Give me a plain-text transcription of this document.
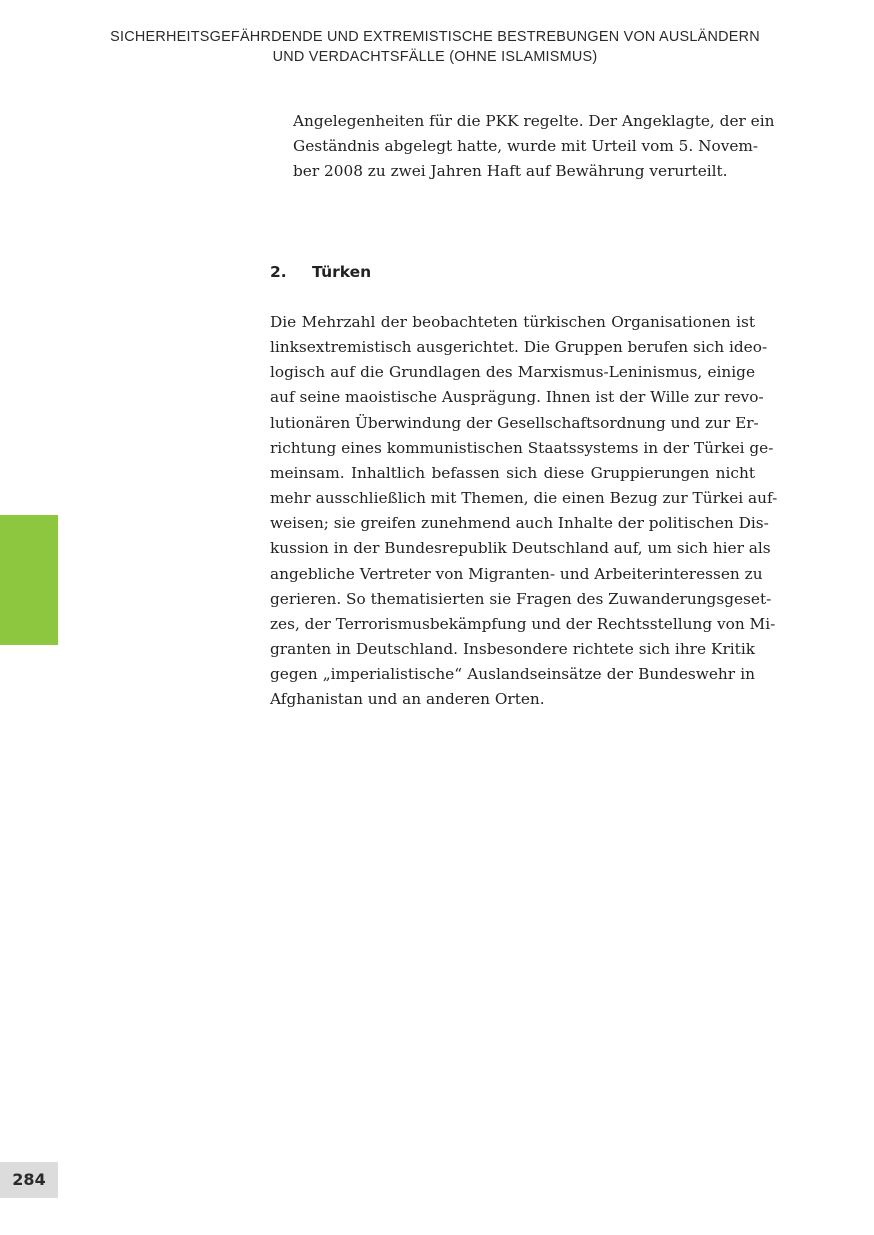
SICHERHEITSGEFÄHRDENDE UND EXTREMISTISCHE BESTREBUNGEN VON AUSLÄNDERN
UND VERDACHTSFÄLLE (OHNE ISLAMISMUS)

Angelegenheiten für die PKK regelte. Der Angeklagte, der ein
Geständnis abgelegt hatte, wurde mit Urteil vom 5. Novem-
ber 2008 zu zwei Jahren Haft auf Bewährung verurteilt.

2. Türken

Die Mehrzahl der beobachteten türkischen Organisationen ist
linksextremistisch ausgerichtet. Die Gruppen berufen sich ideo-
logisch auf die Grundlagen des Marxismus-Leninismus, einige
auf seine maoistische Ausprägung. Ihnen ist der Wille zur revo-
lutionären Überwindung der Gesellschaftsordnung und zur Er-
richtung eines kommunistischen Staatssystems in der Türkei ge-
meinsam. Inhaltlich befassen sich diese Gruppierungen nicht
mehr ausschließlich mit Themen, die einen Bezug zur Türkei auf-
weisen; sie greifen zunehmend auch Inhalte der politischen Dis-
kussion in der Bundesrepublik Deutschland auf, um sich hier als
angebliche Vertreter von Migranten- und Arbeiterinteressen zu
gerieren. So thematisierten sie Fragen des Zuwanderungsgeset-
zes, der Terrorismusbekämpfung und der Rechtsstellung von Mi-
granten in Deutschland. Insbesondere richtete sich ihre Kritik
gegen „imperialistische“ Auslandseinsätze der Bundeswehr in
Afghanistan und an anderen Orten.

284
